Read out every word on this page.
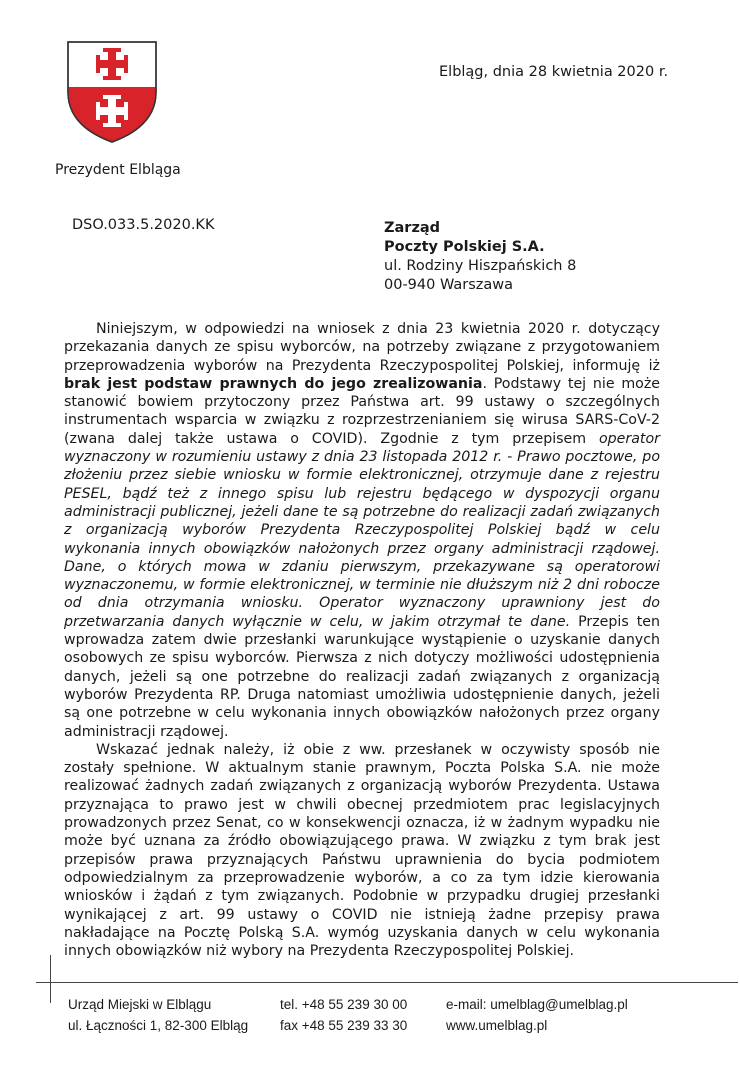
Prezydent Elbląga
Elbląg, dnia 28 kwietnia 2020 r.
DSO.033.5.2020.KK	Zarząd
Poczty Polskiej S.A.
ul. Rodziny Hiszpańskich 8
00-940 Warszawa

Niniejszym, w odpowiedzi na wniosek z dnia 23 kwietnia 2020 r. dotyczący przekazania danych ze spisu wyborców, na potrzeby związane z przygotowaniem przeprowadzenia wyborów na Prezydenta Rzeczypospolitej Polskiej, informuję iż brak jest podstaw prawnych do jego zrealizowania. Podstawy tej nie może stanowić bowiem przytoczony przez Państwa art. 99 ustawy o szczególnych instrumentach wsparcia w związku z rozprzestrzenianiem się wirusa SARS-CoV-2 (zwana dalej także ustawa o COVID). Zgodnie z tym przepisem operator wyznaczony w rozumieniu ustawy z dnia 23 listopada 2012 r. - Prawo pocztowe, po złożeniu przez siebie wniosku w formie elektronicznej, otrzymuje dane z rejestru PESEL, bądź też z innego spisu lub rejestru będącego w dyspozycji organu administracji publicznej, jeżeli dane te są potrzebne do realizacji zadań związanych z organizacją wyborów Prezydenta Rzeczypospolitej Polskiej bądź w celu wykonania innych obowiązków nałożonych przez organy administracji rządowej. Dane, o których mowa w zdaniu pierwszym, przekazywane są operatorowi wyznaczonemu, w formie elektronicznej, w terminie nie dłuższym niż 2 dni robocze od dnia otrzymania wniosku. Operator wyznaczony uprawniony jest do przetwarzania danych wyłącznie w celu, w jakim otrzymał te dane. Przepis ten wprowadza zatem dwie przesłanki warunkujące wystąpienie o uzyskanie danych osobowych ze spisu wyborców. Pierwsza z nich dotyczy możliwości udostępnienia danych, jeżeli są one potrzebne do realizacji zadań związanych z organizacją wyborów Prezydenta RP. Druga natomiast umożliwia udostępnienie danych, jeżeli są one potrzebne w celu wykonania innych obowiązków nałożonych przez organy administracji rządowej.

Wskazać jednak należy, iż obie z ww. przesłanek w oczywisty sposób nie zostały spełnione. W aktualnym stanie prawnym, Poczta Polska S.A. nie może realizować żadnych zadań związanych z organizacją wyborów Prezydenta. Ustawa przyznająca to prawo jest w chwili obecnej przedmiotem prac legislacyjnych prowadzonych przez Senat, co w konsekwencji oznacza, iż w żadnym wypadku nie może być uznana za źródło obowiązującego prawa. W związku z tym brak jest przepisów prawa przyznających Państwu uprawnienia do bycia podmiotem odpowiedzialnym za przeprowadzenie wyborów, a co za tym idzie kierowania wniosków i żądań z tym związanych. Podobnie w przypadku drugiej przesłanki wynikającej z art. 99 ustawy o COVID nie istnieją żadne przepisy prawa nakładające na Pocztę Polską S.A. wymóg uzyskania danych w celu wykonania innych obowiązków niż wybory na Prezydenta Rzeczypospolitej Polskiej.

Urząd Miejski w Elblągu
ul. Łączności 1, 82-300 Elbląg
tel. +48 55 239 30 00
fax +48 55 239 33 30
e-mail: umelblag@umelblag.pl
www.umelblag.pl
